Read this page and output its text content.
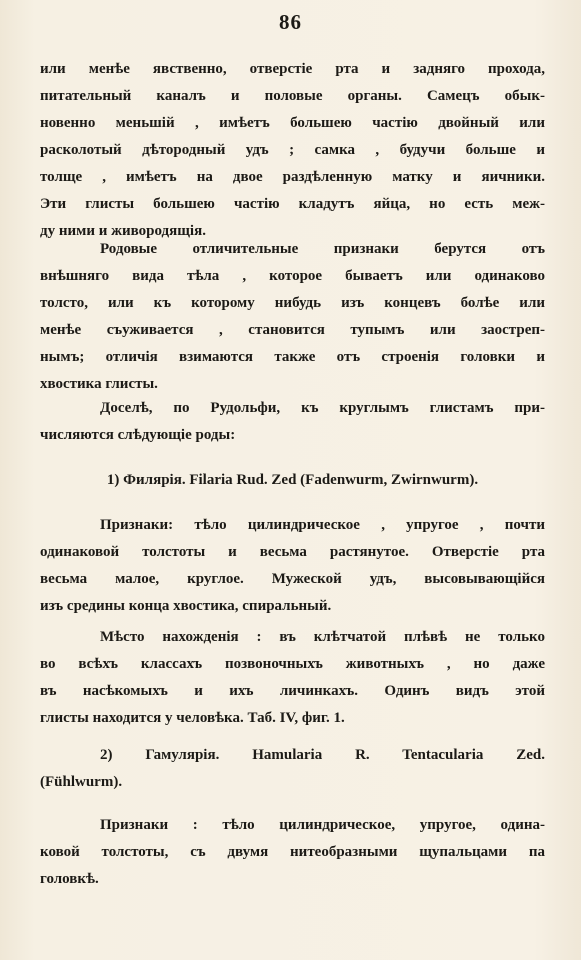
86
или менѣе явственно, отверстіе рта и задняго прохода,
питательный каналъ и половые органы. Самецъ обык-
новенно меньшій , имѣетъ большею частію двойный или
расколотый дѣтородный удъ ; самка , будучи больше и
толще , имѣетъ на двое раздѣленную матку и яичники.
Эти глисты большею частію кладутъ яйца, но есть меж-
ду ними и живородящія.
Родовые отличительные признаки берутся отъ
внѣшняго вида тѣла , которое бываетъ или одинаково
толсто, или къ которому нибудь изъ концевъ болѣе или
менѣе съуживается , становится тупымъ или заостреп-
нымъ; отличія взимаются также отъ строенія головки и
хвостика глисты.
Доселѣ, по Рудольфи, къ круглымъ глистамъ при-
числяются слѣдующіе роды:
1) Филярія. Filaria Rud. Zed (Fadenwurm, Zwirnwurm).
Признаки: тѣло цилиндрическое , упругое , почти
одинаковой толстоты и весьма растянутое. Отверстіе рта
весьма малое, круглое. Мужеской удъ, высовывающійся
изъ средины конца хвостика, спиральный.
Мѣсто нахожденія : въ клѣтчатой плѣвѣ не только
во всѣхъ классахъ позвоночныхъ животныхъ , но даже
въ насѣкомыхъ и ихъ личинкахъ. Одинъ видъ этой
глисты находится у человѣка. Таб. IV, фиг. 1.
2) Гамулярія. Hamularia R. Tentacularia Zed.
(Fühlwurm).
Признаки : тѣло цилиндрическое, упругое, одина-
ковой толстоты, съ двумя нитеобразными щупальцами па
головкѣ.
